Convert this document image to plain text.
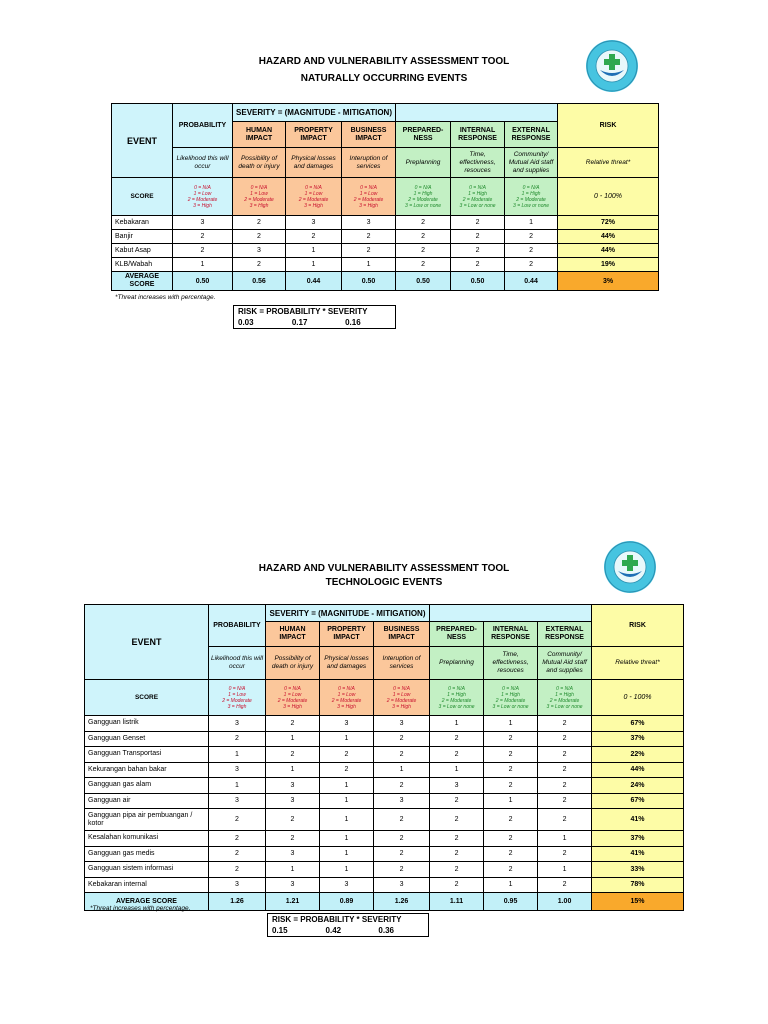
HAZARD AND VULNERABILITY ASSESSMENT TOOL
NATURALLY OCCURRING EVENTS
EVENT	PROBABILITY	SEVERITY = (MAGNITUDE - MITIGATION)						RISK
		HUMAN IMPACT	PROPERTY IMPACT	BUSINESS IMPACT	PREPARED- NESS	INTERNAL RESPONSE	EXTERNAL RESPONSE	
	Likelihood this will occur	Possibility of death or injury	Physical losses and damages	Interuption of services	Preplanning	Time, effectivness, resouces	Community/ Mutual Aid staff and supplies	Relative threat*
SCORE	0 = N/A
1 = Low
2 = Moderate
3 = High	0 = N/A
1 = Low
2 = Moderate
3 = High	0 = N/A
1 = Low
2 = Moderate
3 = High	0 = N/A
1 = Low
2 = Moderate
3 = High	0 = N/A
1 = High
2 = Moderate
3 = Low or none	0 = N/A
1 = High
2 = Moderate
3 = Low or none	0 = N/A
1 = High
2 = Moderate
3 = Low or none	0 - 100%
Kebakaran	3	2	3	3	2	2	1	72%
Banjir	2	2	2	2	2	2	2	44%
Kabut Asap	2	3	1	2	2	2	2	44%
KLB/Wabah	1	2	1	1	2	2	2	19%
AVERAGE SCORE	0.50	0.56	0.44	0.50	0.50	0.50	0.44	3%
*Threat increases with percentage.
RISK = PROBABILITY * SEVERITY
0.03	0.17	0.16
HAZARD AND VULNERABILITY ASSESSMENT TOOL
TECHNOLOGIC EVENTS
EVENT	PROBABILITY	SEVERITY = (MAGNITUDE - MITIGATION)						RISK
		HUMAN IMPACT	PROPERTY IMPACT	BUSINESS IMPACT	PREPARED- NESS	INTERNAL RESPONSE	EXTERNAL RESPONSE	
	Likelihood this will occur	Possibility of death or injury	Physical losses and damages	Interuption of services	Preplanning	Time, effectivness, resouces	Community/ Mutual Aid staff and supplies	Relative threat*
SCORE	0 = N/A
1 = Low
2 = Moderate
3 = High	0 = N/A
1 = Low
2 = Moderate
3 = High	0 = N/A
1 = Low
2 = Moderate
3 = High	0 = N/A
1 = Low
2 = Moderate
3 = High	0 = N/A
1 = High
2 = Moderate
3 = Low or none	0 = N/A
1 = High
2 = Moderate
3 = Low or none	0 = N/A
1 = High
2 = Moderate
3 = Low or none	0 - 100%
Gangguan listrik	3	2	3	3	1	1	2	67%
Gangguan Genset	2	1	1	2	2	2	2	37%
Gangguan Transportasi	1	2	2	2	2	2	2	22%
Kekurangan bahan bakar	3	1	2	1	1	2	2	44%
Gangguan gas alam	1	3	1	2	3	2	2	24%
Gangguan air	3	3	1	3	2	1	2	67%
Gangguan pipa air pembuangan / kotor	2	2	1	2	2	2	2	41%
Kesalahan komunikasi	2	2	1	2	2	2	1	37%
Gangguan gas medis	2	3	1	2	2	2	2	41%
Gangguan sistem informasi	2	1	1	2	2	2	1	33%
Kebakaran internal	3	3	3	3	2	1	2	78%
AVERAGE SCORE	1.26	1.21	0.89	1.26	1.11	0.95	1.00	15%
*Threat increases with percentage.
RISK = PROBABILITY * SEVERITY
0.15	0.42	0.36
